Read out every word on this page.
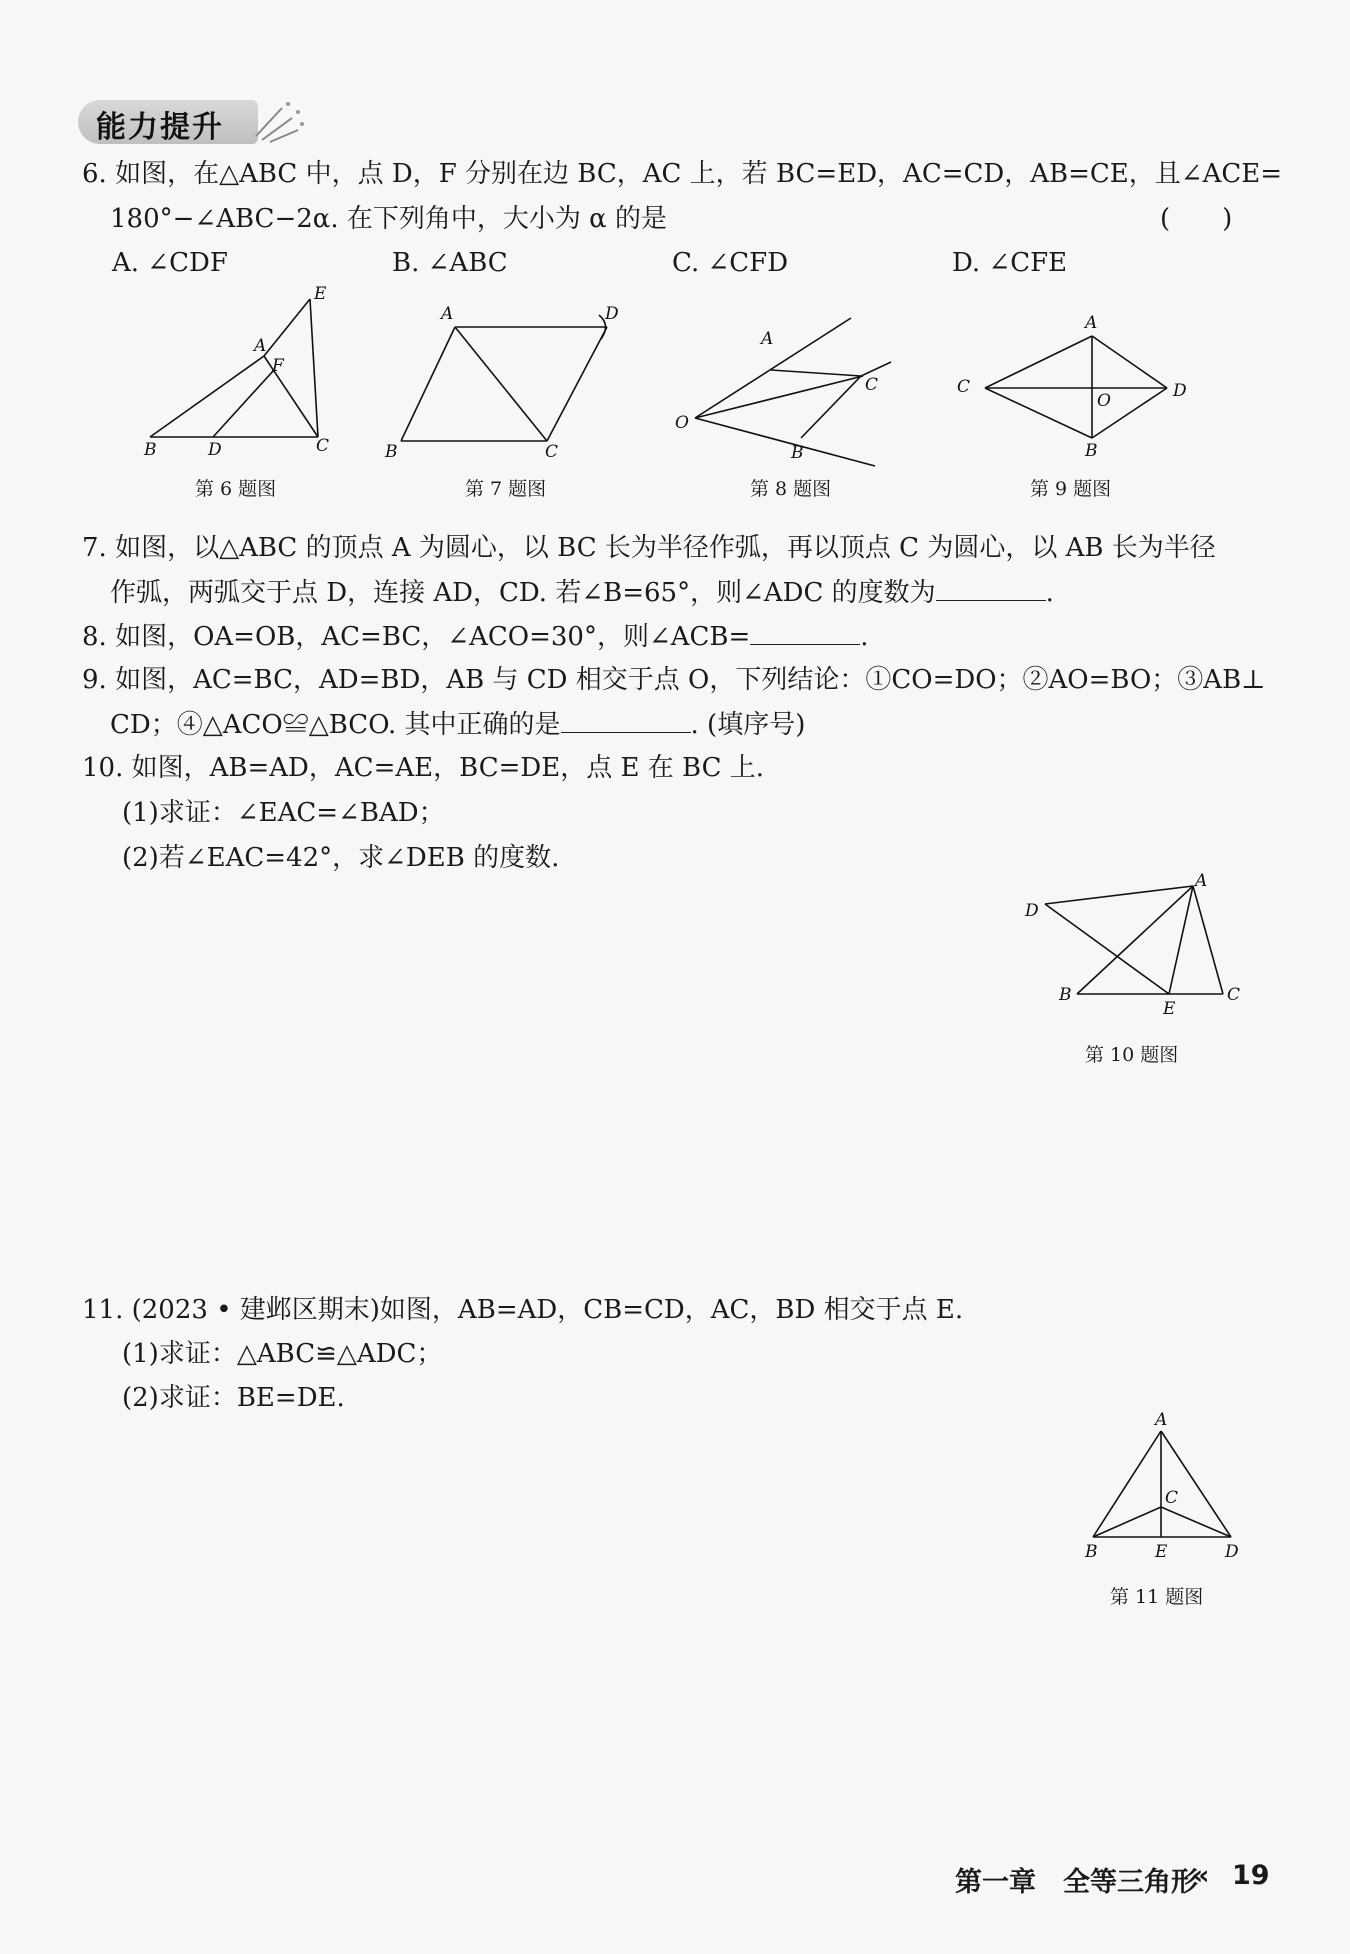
能力提升
6. 如图，在△ABC 中，点 D，F 分别在边 BC，AC 上，若 BC=ED，AC=CD，AB=CE，且∠ACE=
180°−∠ABC−2α. 在下列角中，大小为 α 的是	(　　)
A. ∠CDF	B. ∠ABC	C. ∠CFD	D. ∠CFE
E
A
F
B	D	C
第 6 题图
A	D
B	C
第 7 题图
A
C
O
B
第 8 题图
A
C
O	D
B
第 9 题图
7. 如图，以△ABC 的顶点 A 为圆心，以 BC 长为半径作弧，再以顶点 C 为圆心，以 AB 长为半径
作弧，两弧交于点 D，连接 AD，CD. 若∠B=65°，则∠ADC 的度数为	.
8. 如图，OA=OB，AC=BC，∠ACO=30°，则∠ACB=	.
9. 如图，AC=BC，AD=BD，AB 与 CD 相交于点 O，下列结论：①CO=DO；②AO=BO；③AB⊥
CD；④△ACO≌△BCO. 其中正确的是	. (填序号)
10. 如图，AB=AD，AC=AE，BC=DE，点 E 在 BC 上.
(1)求证：∠EAC=∠BAD；
(2)若∠EAC=42°，求∠DEB 的度数.
A
D
B
E
C
第 10 题图
11. (2023 • 建邺区期末)如图，AB=AD，CB=CD，AC，BD 相交于点 E.
(1)求证：△ABC≌△ADC；
(2)求证：BE=DE.
A
C
B	E	D
第 11 题图
第一章　全等三角形
« 19
